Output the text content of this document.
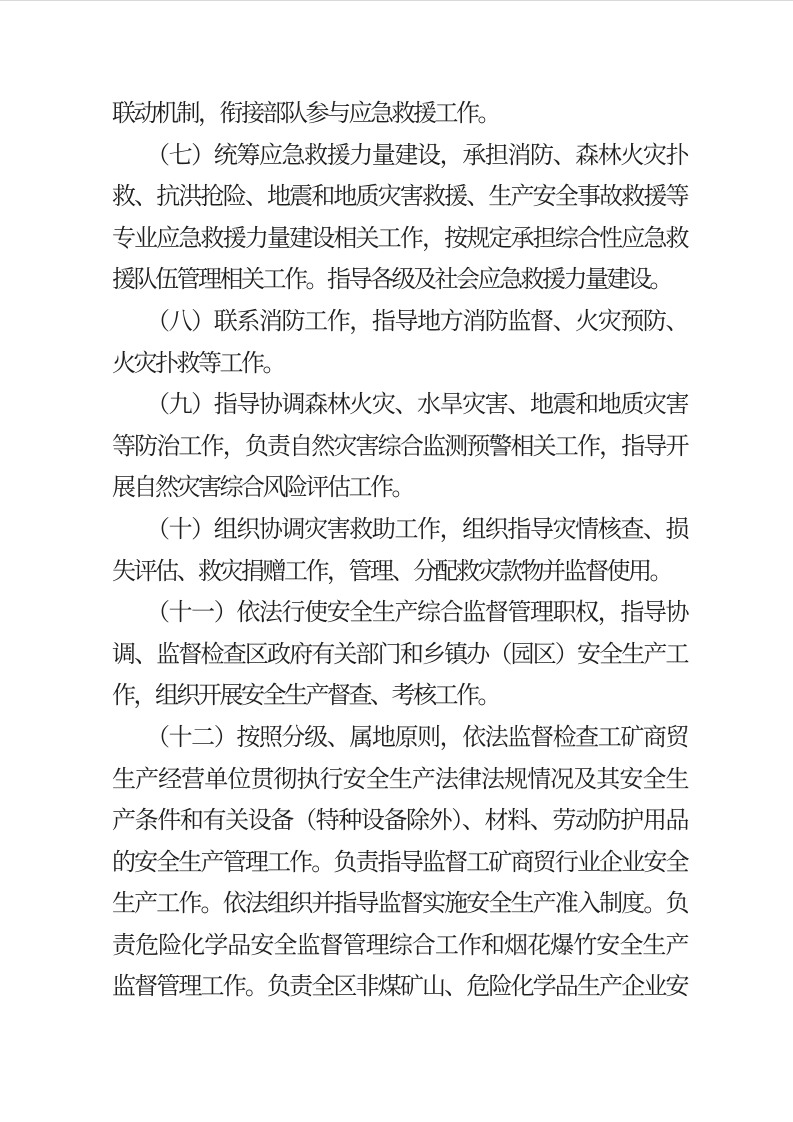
联动机制，衔接部队参与应急救援工作。
（七）统筹应急救援力量建设，承担消防、森林火灾扑
救、抗洪抢险、地震和地质灾害救援、生产安全事故救援等
专业应急救援力量建设相关工作，按规定承担综合性应急救
援队伍管理相关工作。指导各级及社会应急救援力量建设。
（八）联系消防工作，指导地方消防监督、火灾预防、
火灾扑救等工作。
（九）指导协调森林火灾、水旱灾害、地震和地质灾害
等防治工作，负责自然灾害综合监测预警相关工作，指导开
展自然灾害综合风险评估工作。
（十）组织协调灾害救助工作，组织指导灾情核查、损
失评估、救灾捐赠工作，管理、分配救灾款物并监督使用。
（十一）依法行使安全生产综合监督管理职权，指导协
调、监督检查区政府有关部门和乡镇办（园区）安全生产工
作，组织开展安全生产督查、考核工作。
（十二）按照分级、属地原则，依法监督检查工矿商贸
生产经营单位贯彻执行安全生产法律法规情况及其安全生
产条件和有关设备（特种设备除外）、材料、劳动防护用品
的安全生产管理工作。负责指导监督工矿商贸行业企业安全
生产工作。依法组织并指导监督实施安全生产准入制度。负
责危险化学品安全监督管理综合工作和烟花爆竹安全生产
监督管理工作。负责全区非煤矿山、危险化学品生产企业安
